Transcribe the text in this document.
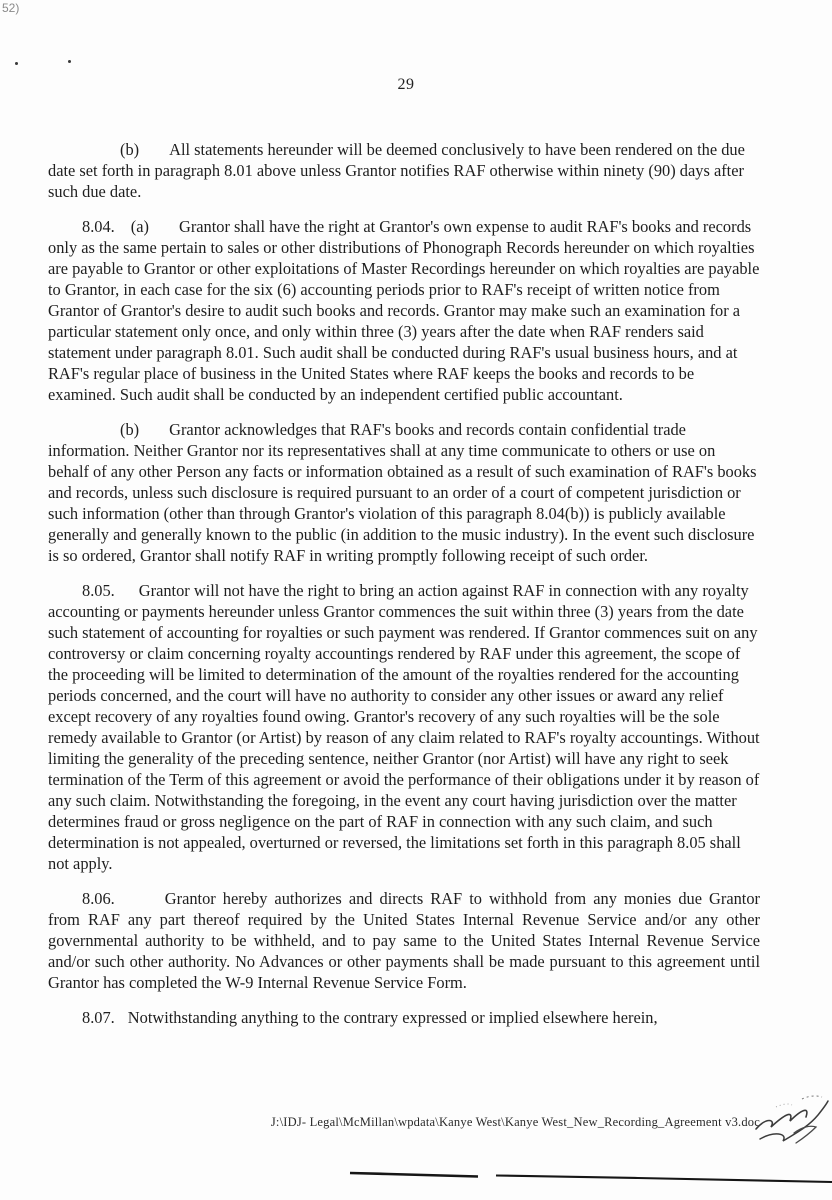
52)
29

(b) All statements hereunder will be deemed conclusively to have been rendered on the due date set forth in paragraph 8.01 above unless Grantor notifies RAF otherwise within ninety (90) days after such due date.

8.04. (a) Grantor shall have the right at Grantor's own expense to audit RAF's books and records only as the same pertain to sales or other distributions of Phonograph Records hereunder on which royalties are payable to Grantor or other exploitations of Master Recordings hereunder on which royalties are payable to Grantor, in each case for the six (6) accounting periods prior to RAF's receipt of written notice from Grantor of Grantor's desire to audit such books and records. Grantor may make such an examination for a particular statement only once, and only within three (3) years after the date when RAF renders said statement under paragraph 8.01. Such audit shall be conducted during RAF's usual business hours, and at RAF's regular place of business in the United States where RAF keeps the books and records to be examined. Such audit shall be conducted by an independent certified public accountant.

(b) Grantor acknowledges that RAF's books and records contain confidential trade information. Neither Grantor nor its representatives shall at any time communicate to others or use on behalf of any other Person any facts or information obtained as a result of such examination of RAF's books and records, unless such disclosure is required pursuant to an order of a court of competent jurisdiction or such information (other than through Grantor's violation of this paragraph 8.04(b)) is publicly available generally and generally known to the public (in addition to the music industry). In the event such disclosure is so ordered, Grantor shall notify RAF in writing promptly following receipt of such order.

8.05. Grantor will not have the right to bring an action against RAF in connection with any royalty accounting or payments hereunder unless Grantor commences the suit within three (3) years from the date such statement of accounting for royalties or such payment was rendered. If Grantor commences suit on any controversy or claim concerning royalty accountings rendered by RAF under this agreement, the scope of the proceeding will be limited to determination of the amount of the royalties rendered for the accounting periods concerned, and the court will have no authority to consider any other issues or award any relief except recovery of any royalties found owing. Grantor's recovery of any such royalties will be the sole remedy available to Grantor (or Artist) by reason of any claim related to RAF's royalty accountings. Without limiting the generality of the preceding sentence, neither Grantor (nor Artist) will have any right to seek termination of the Term of this agreement or avoid the performance of their obligations under it by reason of any such claim. Notwithstanding the foregoing, in the event any court having jurisdiction over the matter determines fraud or gross negligence on the part of RAF in connection with any such claim, and such determination is not appealed, overturned or reversed, the limitations set forth in this paragraph 8.05 shall not apply.

8.06.	Grantor hereby authorizes and directs RAF to withhold from any monies due Grantor from RAF any part thereof required by the United States Internal Revenue Service and/or any other governmental authority to be withheld, and to pay same to the United States Internal Revenue Service and/or such other authority. No Advances or other payments shall be made pursuant to this agreement until Grantor has completed the W-9 Internal Revenue Service Form.

8.07. Notwithstanding anything to the contrary expressed or implied elsewhere herein,

J:\IDJ- Legal\McMillan\wpdata\Kanye West\Kanye West_New_Recording_Agreement v3.doc
